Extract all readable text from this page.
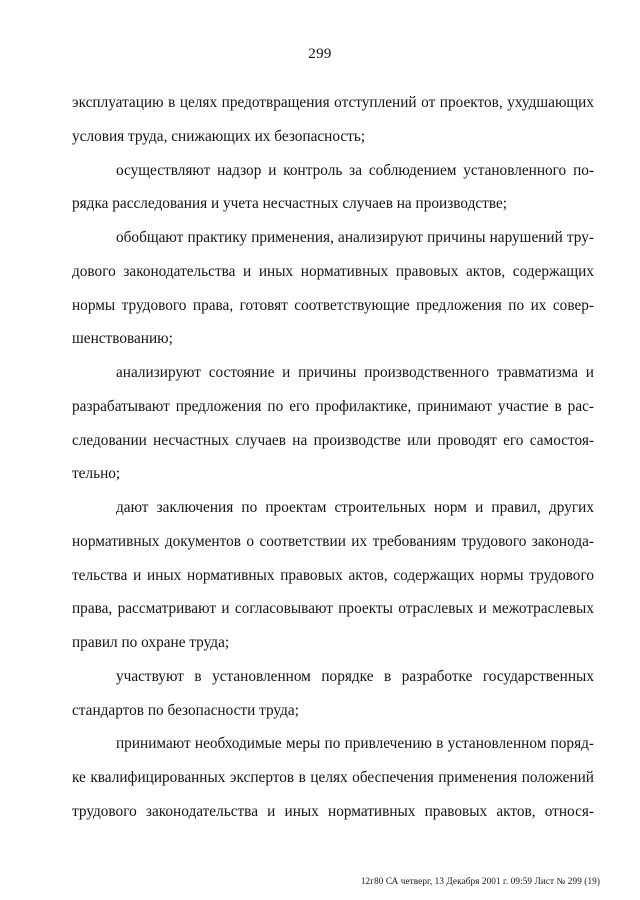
299
эксплуатацию в целях предотвращения отступлений от проектов, ухудшающих
условия труда, снижающих их безопасность;
осуществляют надзор и контроль за соблюдением установленного по-
рядка расследования и учета несчастных случаев на производстве;
обобщают практику применения, анализируют причины нарушений тру-
дового законодательства и иных нормативных правовых актов, содержащих
нормы трудового права, готовят соответствующие предложения по их совер-
шенствованию;
анализируют состояние и причины производственного травматизма и
разрабатывают предложения по его профилактике, принимают участие в рас-
следовании несчастных случаев на производстве или проводят его самостоя-
тельно;
дают заключения по проектам строительных норм и правил, других
нормативных документов о соответствии их требованиям трудового законода-
тельства и иных нормативных правовых актов, содержащих нормы трудового
права, рассматривают и согласовывают проекты отраслевых и межотраслевых
правил по охране труда;
участвуют в установленном порядке в разработке государственных
стандартов по безопасности труда;
принимают необходимые меры по привлечению в установленном поряд-
ке квалифицированных экспертов в целях обеспечения применения положений
трудового законодательства и иных нормативных правовых актов, относя-
12г80 СА четверг, 13 Декабря 2001 г. 09:59 Лист № 299 (19)
